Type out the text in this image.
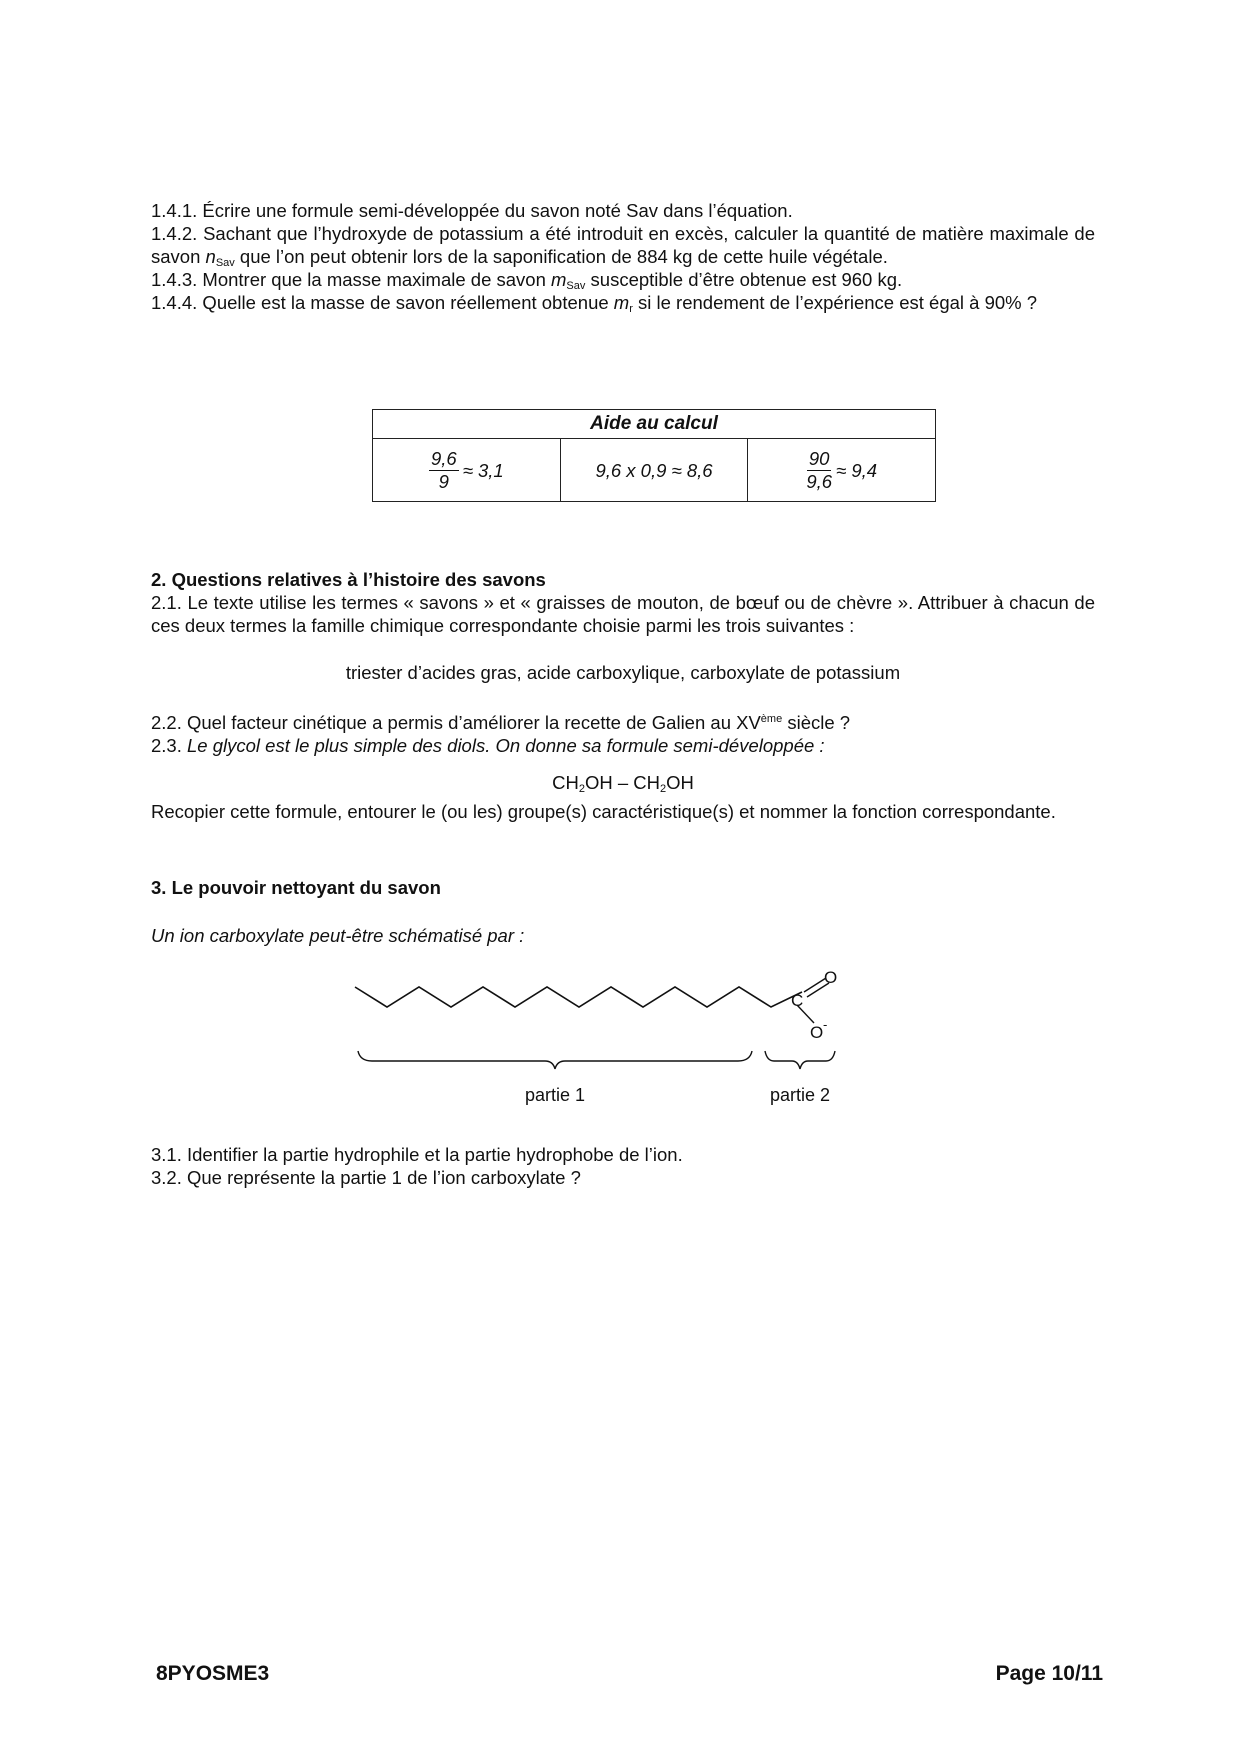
1.4.1. Écrire une formule semi-développée du savon noté Sav dans l’équation.

1.4.2. Sachant que l’hydroxyde de potassium a été introduit en excès, calculer la quantité de matière maximale de savon $n_{Sav}$ que l’on peut obtenir lors de la saponification de 884 kg de cette huile végétale.

1.4.3. Montrer que la masse maximale de savon $m_{Sav}$ susceptible d’être obtenue est 960 kg.

1.4.4. Quelle est la masse de savon réellement obtenue $m_r$ si le rendement de l’expérience est égal à 90% ?

Aide au calcul
$\frac{9,6}{9} \approx 3,1$	9,6 x 0,9 ≈ 8,6	$\frac{90}{9,6} \approx 9,4$

2. Questions relatives à l’histoire des savons

2.1. Le texte utilise les termes « savons » et « graisses de mouton, de bœuf ou de chèvre ». Attribuer à chacun de ces deux termes la famille chimique correspondante choisie parmi les trois suivantes :

triester d’acides gras, acide carboxylique, carboxylate de potassium

2.2. Quel facteur cinétique a permis d’améliorer la recette de Galien au XVème siècle ?

2.3. Le glycol est le plus simple des diols. On donne sa formule semi-développée :

$CH_2OH - CH_2OH$

Recopier cette formule, entourer le (ou les) groupe(s) caractéristique(s) et nommer la fonction correspondante.

3. Le pouvoir nettoyant du savon

Un ion carboxylate peut-être schématisé par :

C
O
O -
partie 1	partie 2

3.1. Identifier la partie hydrophile et la partie hydrophobe de l’ion.

3.2. Que représente la partie 1 de l’ion carboxylate ?

8PYOSME3	Page 10/11
